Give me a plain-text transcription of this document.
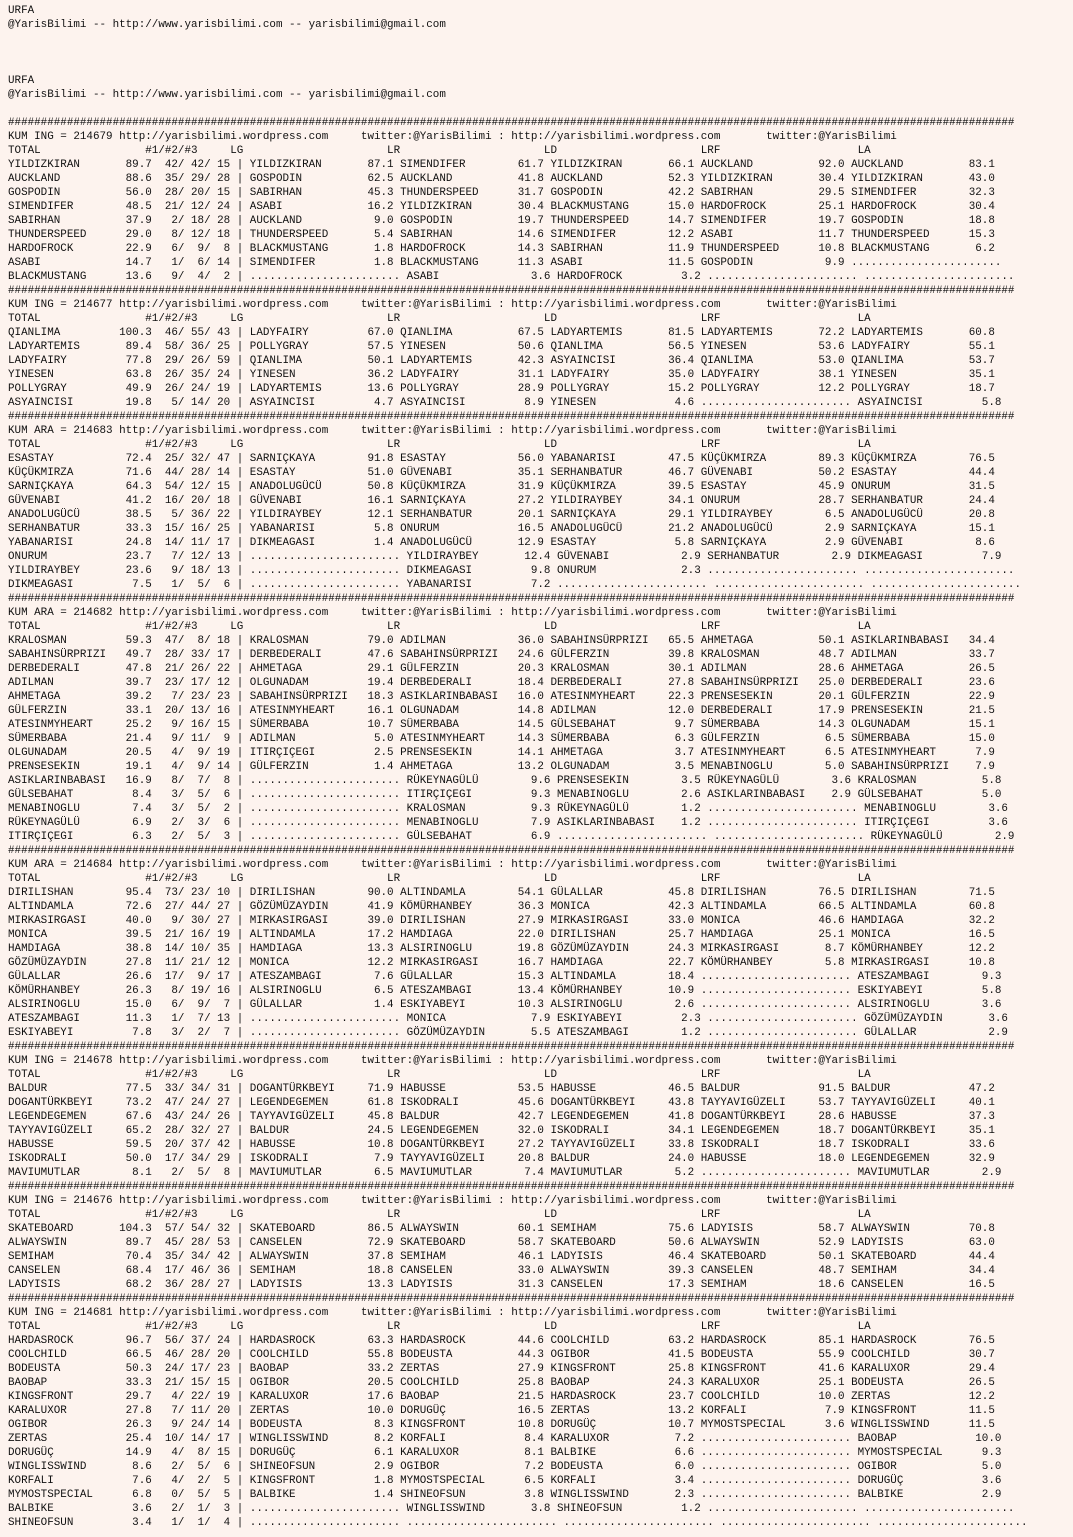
URFA
@YarisBilimi -- http://www.yarisbilimi.com -- yarisbilimi@gmail.com
URFA
@YarisBilimi -- http://www.yarisbilimi.com -- yarisbilimi@gmail.com
##########################################################################################################################################################
KUM ING = 214679 http://yarisbilimi.wordpress.com     twitter:@YarisBilimi : http://yarisbilimi.wordpress.com       twitter:@YarisBilimi
TOTAL                #1/#2/#3     LG                      LR                      LD                      LRF                     LA
YILDIZKIRAN       89.7  42/ 42/ 15 | YILDIZKIRAN       87.1 SIMENDIFER        61.7 YILDIZKIRAN       66.1 AUCKLAND          92.0 AUCKLAND          83.1
AUCKLAND          88.6  35/ 29/ 28 | GOSPODIN          62.5 AUCKLAND          41.8 AUCKLAND          52.3 YILDIZKIRAN       30.4 YILDIZKIRAN       43.0
GOSPODIN          56.0  28/ 20/ 15 | SABIRHAN          45.3 THUNDERSPEED      31.7 GOSPODIN          42.2 SABIRHAN          29.5 SIMENDIFER        32.3
SIMENDIFER        48.5  21/ 12/ 24 | ASABI             16.2 YILDIZKIRAN       30.4 BLACKMUSTANG      15.0 HARDOFROCK        25.1 HARDOFROCK        30.4
SABIRHAN          37.9   2/ 18/ 28 | AUCKLAND           9.0 GOSPODIN          19.7 THUNDERSPEED      14.7 SIMENDIFER        19.7 GOSPODIN          18.8
THUNDERSPEED      29.0   8/ 12/ 18 | THUNDERSPEED       5.4 SABIRHAN          14.6 SIMENDIFER        12.2 ASABI             11.7 THUNDERSPEED      15.3
HARDOFROCK        22.9   6/  9/  8 | BLACKMUSTANG       1.8 HARDOFROCK        14.3 SABIRHAN          11.9 THUNDERSPEED      10.8 BLACKMUSTANG       6.2
ASABI             14.7   1/  6/ 14 | SIMENDIFER         1.8 BLACKMUSTANG      11.3 ASABI             11.5 GOSPODIN           9.9 .......................
BLACKMUSTANG      13.6   9/  4/  2 | ....................... ASABI              3.6 HARDOFROCK         3.2 ....................... .......................
##########################################################################################################################################################
KUM ING = 214677 http://yarisbilimi.wordpress.com     twitter:@YarisBilimi : http://yarisbilimi.wordpress.com       twitter:@YarisBilimi
TOTAL                #1/#2/#3     LG                      LR                      LD                      LRF                     LA
QIANLIMA         100.3  46/ 55/ 43 | LADYFAIRY         67.0 QIANLIMA          67.5 LADYARTEMIS       81.5 LADYARTEMIS       72.2 LADYARTEMIS       60.8
LADYARTEMIS       89.4  58/ 36/ 25 | POLLYGRAY         57.5 YINESEN           50.6 QIANLIMA          56.5 YINESEN           53.6 LADYFAIRY         55.1
LADYFAIRY         77.8  29/ 26/ 59 | QIANLIMA          50.1 LADYARTEMIS       42.3 ASYAINCISI        36.4 QIANLIMA          53.0 QIANLIMA          53.7
YINESEN           63.8  26/ 35/ 24 | YINESEN           36.2 LADYFAIRY         31.1 LADYFAIRY         35.0 LADYFAIRY         38.1 YINESEN           35.1
POLLYGRAY         49.9  26/ 24/ 19 | LADYARTEMIS       13.6 POLLYGRAY         28.9 POLLYGRAY         15.2 POLLYGRAY         12.2 POLLYGRAY         18.7
ASYAINCISI        19.8   5/ 14/ 20 | ASYAINCISI         4.7 ASYAINCISI         8.9 YINESEN            4.6 ....................... ASYAINCISI         5.8
##########################################################################################################################################################
KUM ARA = 214683 http://yarisbilimi.wordpress.com     twitter:@YarisBilimi : http://yarisbilimi.wordpress.com       twitter:@YarisBilimi
TOTAL                #1/#2/#3     LG                      LR                      LD                      LRF                     LA
ESASTAY           72.4  25/ 32/ 47 | SARNIÇKAYA        91.8 ESASTAY           56.0 YABANARISI        47.5 KÜÇÜKMIRZA        89.3 KÜÇÜKMIRZA        76.5
KÜÇÜKMIRZA        71.6  44/ 28/ 14 | ESASTAY           51.0 GÜVENABI          35.1 SERHANBATUR       46.7 GÜVENABI          50.2 ESASTAY           44.4
SARNIÇKAYA        64.3  54/ 12/ 15 | ANADOLUGÜCÜ       50.8 KÜÇÜKMIRZA        31.9 KÜÇÜKMIRZA        39.5 ESASTAY           45.9 ONURUM            31.5
GÜVENABI          41.2  16/ 20/ 18 | GÜVENABI          16.1 SARNIÇKAYA        27.2 YILDIRAYBEY       34.1 ONURUM            28.7 SERHANBATUR       24.4
ANADOLUGÜCÜ       38.5   5/ 36/ 22 | YILDIRAYBEY       12.1 SERHANBATUR       20.1 SARNIÇKAYA        29.1 YILDIRAYBEY        6.5 ANADOLUGÜCÜ       20.8
SERHANBATUR       33.3  15/ 16/ 25 | YABANARISI         5.8 ONURUM            16.5 ANADOLUGÜCÜ       21.2 ANADOLUGÜCÜ        2.9 SARNIÇKAYA        15.1
YABANARISI        24.8  14/ 11/ 17 | DIKMEAGASI         1.4 ANADOLUGÜCÜ       12.9 ESASTAY            5.8 SARNIÇKAYA         2.9 GÜVENABI           8.6
ONURUM            23.7   7/ 12/ 13 | ....................... YILDIRAYBEY       12.4 GÜVENABI           2.9 SERHANBATUR        2.9 DIKMEAGASI         7.9
YILDIRAYBEY       23.6   9/ 18/ 13 | ....................... DIKMEAGASI         9.8 ONURUM             2.3 ....................... .......................
DIKMEAGASI         7.5   1/  5/  6 | ....................... YABANARISI         7.2 ....................... ....................... .......................
##########################################################################################################################################################
KUM ARA = 214682 http://yarisbilimi.wordpress.com     twitter:@YarisBilimi : http://yarisbilimi.wordpress.com       twitter:@YarisBilimi
TOTAL                #1/#2/#3     LG                      LR                      LD                      LRF                     LA
KRALOSMAN         59.3  47/  8/ 18 | KRALOSMAN         79.0 ADILMAN           36.0 SABAHINSÜRPRIZI   65.5 AHMETAGA          50.1 ASIKLARINBABASI   34.4
SABAHINSÜRPRIZI   49.7  28/ 33/ 17 | DERBEDERALI       47.6 SABAHINSÜRPRIZI   24.6 GÜLFERZIN         39.8 KRALOSMAN         48.7 ADILMAN           33.7
DERBEDERALI       47.8  21/ 26/ 22 | AHMETAGA          29.1 GÜLFERZIN         20.3 KRALOSMAN         30.1 ADILMAN           28.6 AHMETAGA          26.5
ADILMAN           39.7  23/ 17/ 12 | OLGUNADAM         19.4 DERBEDERALI       18.4 DERBEDERALI       27.8 SABAHINSÜRPRIZI   25.0 DERBEDERALI       23.6
AHMETAGA          39.2   7/ 23/ 23 | SABAHINSÜRPRIZI   18.3 ASIKLARINBABASI   16.0 ATESINMYHEART     22.3 PRENSESEKIN       20.1 GÜLFERZIN         22.9
GÜLFERZIN         33.1  20/ 13/ 16 | ATESINMYHEART     16.1 OLGUNADAM         14.8 ADILMAN           12.0 DERBEDERALI       17.9 PRENSESEKIN       21.5
ATESINMYHEART     25.2   9/ 16/ 15 | SÜMERBABA         10.7 SÜMERBABA         14.5 GÜLSEBAHAT         9.7 SÜMERBABA         14.3 OLGUNADAM         15.1
SÜMERBABA         21.4   9/ 11/  9 | ADILMAN            5.0 ATESINMYHEART     14.3 SÜMERBABA          6.3 GÜLFERZIN          6.5 SÜMERBABA         15.0
OLGUNADAM         20.5   4/  9/ 19 | ITIRÇIÇEGI         2.5 PRENSESEKIN       14.1 AHMETAGA           3.7 ATESINMYHEART      6.5 ATESINMYHEART      7.9
PRENSESEKIN       19.1   4/  9/ 14 | GÜLFERZIN          1.4 AHMETAGA          13.2 OLGUNADAM          3.5 MENABINOGLU        5.0 SABAHINSÜRPRIZI    7.9
ASIKLARINBABASI   16.9   8/  7/  8 | ....................... RÜKEYNAGÜLÜ        9.6 PRENSESEKIN        3.5 RÜKEYNAGÜLÜ        3.6 KRALOSMAN          5.8
GÜLSEBAHAT         8.4   3/  5/  6 | ....................... ITIRÇIÇEGI         9.3 MENABINOGLU        2.6 ASIKLARINBABASI    2.9 GÜLSEBAHAT         5.0
MENABINOGLU        7.4   3/  5/  2 | ....................... KRALOSMAN          9.3 RÜKEYNAGÜLÜ        1.2 ....................... MENABINOGLU        3.6
RÜKEYNAGÜLÜ        6.9   2/  3/  6 | ....................... MENABINOGLU        7.9 ASIKLARINBABASI    1.2 ....................... ITIRÇIÇEGI         3.6
ITIRÇIÇEGI         6.3   2/  5/  3 | ....................... GÜLSEBAHAT         6.9 ....................... ....................... RÜKEYNAGÜLÜ        2.9
##########################################################################################################################################################
KUM ARA = 214684 http://yarisbilimi.wordpress.com     twitter:@YarisBilimi : http://yarisbilimi.wordpress.com       twitter:@YarisBilimi
TOTAL                #1/#2/#3     LG                      LR                      LD                      LRF                     LA
DIRILISHAN        95.4  73/ 23/ 10 | DIRILISHAN        90.0 ALTINDAMLA        54.1 GÜLALLAR          45.8 DIRILISHAN        76.5 DIRILISHAN        71.5
ALTINDAMLA        72.6  27/ 44/ 27 | GÖZÜMÜZAYDIN      41.9 KÖMÜRHANBEY       36.3 MONICA            42.3 ALTINDAMLA        66.5 ALTINDAMLA        60.8
MIRKASIRGASI      40.0   9/ 30/ 27 | MIRKASIRGASI      39.0 DIRILISHAN        27.9 MIRKASIRGASI      33.0 MONICA            46.6 HAMDIAGA          32.2
MONICA            39.5  21/ 16/ 19 | ALTINDAMLA        17.2 HAMDIAGA          22.0 DIRILISHAN        25.7 HAMDIAGA          25.1 MONICA            16.5
HAMDIAGA          38.8  14/ 10/ 35 | HAMDIAGA          13.3 ALSIRINOGLU       19.8 GÖZÜMÜZAYDIN      24.3 MIRKASIRGASI       8.7 KÖMÜRHANBEY       12.2
GÖZÜMÜZAYDIN      27.8  11/ 21/ 12 | MONICA            12.2 MIRKASIRGASI      16.7 HAMDIAGA          22.7 KÖMÜRHANBEY        5.8 MIRKASIRGASI      10.8
GÜLALLAR          26.6  17/  9/ 17 | ATESZAMBAGI        7.6 GÜLALLAR          15.3 ALTINDAMLA        18.4 ....................... ATESZAMBAGI        9.3
KÖMÜRHANBEY       26.3   8/ 19/ 16 | ALSIRINOGLU        6.5 ATESZAMBAGI       13.4 KÖMÜRHANBEY       10.9 ....................... ESKIYABEYI         5.8
ALSIRINOGLU       15.0   6/  9/  7 | GÜLALLAR           1.4 ESKIYABEYI        10.3 ALSIRINOGLU        2.6 ....................... ALSIRINOGLU        3.6
ATESZAMBAGI       11.3   1/  7/ 13 | ....................... MONICA             7.9 ESKIYABEYI         2.3 ....................... GÖZÜMÜZAYDIN       3.6
ESKIYABEYI         7.8   3/  2/  7 | ....................... GÖZÜMÜZAYDIN       5.5 ATESZAMBAGI        1.2 ....................... GÜLALLAR           2.9
##########################################################################################################################################################
KUM ING = 214678 http://yarisbilimi.wordpress.com     twitter:@YarisBilimi : http://yarisbilimi.wordpress.com       twitter:@YarisBilimi
TOTAL                #1/#2/#3     LG                      LR                      LD                      LRF                     LA
BALDUR            77.5  33/ 34/ 31 | DOGANTÜRKBEYI     71.9 HABUSSE           53.5 HABUSSE           46.5 BALDUR            91.5 BALDUR            47.2
DOGANTÜRKBEYI     73.2  47/ 24/ 27 | LEGENDEGEMEN      61.8 ISKODRALI         45.6 DOGANTÜRKBEYI     43.8 TAYYAVIGÜZELI     53.7 TAYYAVIGÜZELI     40.1
LEGENDEGEMEN      67.6  43/ 24/ 26 | TAYYAVIGÜZELI     45.8 BALDUR            42.7 LEGENDEGEMEN      41.8 DOGANTÜRKBEYI     28.6 HABUSSE           37.3
TAYYAVIGÜZELI     65.2  28/ 32/ 27 | BALDUR            24.5 LEGENDEGEMEN      32.0 ISKODRALI         34.1 LEGENDEGEMEN      18.7 DOGANTÜRKBEYI     35.1
HABUSSE           59.5  20/ 37/ 42 | HABUSSE           10.8 DOGANTÜRKBEYI     27.2 TAYYAVIGÜZELI     33.8 ISKODRALI         18.7 ISKODRALI         33.6
ISKODRALI         50.0  17/ 34/ 29 | ISKODRALI          7.9 TAYYAVIGÜZELI     20.8 BALDUR            24.0 HABUSSE           18.0 LEGENDEGEMEN      32.9
MAVIUMUTLAR        8.1   2/  5/  8 | MAVIUMUTLAR        6.5 MAVIUMUTLAR        7.4 MAVIUMUTLAR        5.2 ....................... MAVIUMUTLAR        2.9
##########################################################################################################################################################
KUM ING = 214676 http://yarisbilimi.wordpress.com     twitter:@YarisBilimi : http://yarisbilimi.wordpress.com       twitter:@YarisBilimi
TOTAL                #1/#2/#3     LG                      LR                      LD                      LRF                     LA
SKATEBOARD       104.3  57/ 54/ 32 | SKATEBOARD        86.5 ALWAYSWIN         60.1 SEMIHAM           75.6 LADYISIS          58.7 ALWAYSWIN         70.8
ALWAYSWIN         89.7  45/ 28/ 53 | CANSELEN          72.9 SKATEBOARD        58.7 SKATEBOARD        50.6 ALWAYSWIN         52.9 LADYISIS          63.0
SEMIHAM           70.4  35/ 34/ 42 | ALWAYSWIN         37.8 SEMIHAM           46.1 LADYISIS          46.4 SKATEBOARD        50.1 SKATEBOARD        44.4
CANSELEN          68.4  17/ 46/ 36 | SEMIHAM           18.8 CANSELEN          33.0 ALWAYSWIN         39.3 CANSELEN          48.7 SEMIHAM           34.4
LADYISIS          68.2  36/ 28/ 27 | LADYISIS          13.3 LADYISIS          31.3 CANSELEN          17.3 SEMIHAM           18.6 CANSELEN          16.5
##########################################################################################################################################################
KUM ING = 214681 http://yarisbilimi.wordpress.com     twitter:@YarisBilimi : http://yarisbilimi.wordpress.com       twitter:@YarisBilimi
TOTAL                #1/#2/#3     LG                      LR                      LD                      LRF                     LA
HARDASROCK        96.7  56/ 37/ 24 | HARDASROCK        63.3 HARDASROCK        44.6 COOLCHILD         63.2 HARDASROCK        85.1 HARDASROCK        76.5
COOLCHILD         66.5  46/ 28/ 20 | COOLCHILD         55.8 BODEUSTA          44.3 OGIBOR            41.5 BODEUSTA          55.9 COOLCHILD         30.7
BODEUSTA          50.3  24/ 17/ 23 | BAOBAP            33.2 ZERTAS            27.9 KINGSFRONT        25.8 KINGSFRONT        41.6 KARALUXOR         29.4
BAOBAP            33.3  21/ 15/ 15 | OGIBOR            20.5 COOLCHILD         25.8 BAOBAP            24.3 KARALUXOR         25.1 BODEUSTA          26.5
KINGSFRONT        29.7   4/ 22/ 19 | KARALUXOR         17.6 BAOBAP            21.5 HARDASROCK        23.7 COOLCHILD         10.0 ZERTAS            12.2
KARALUXOR         27.8   7/ 11/ 20 | ZERTAS            10.0 DORUGÜÇ           16.5 ZERTAS            13.2 KORFALI            7.9 KINGSFRONT        11.5
OGIBOR            26.3   9/ 24/ 14 | BODEUSTA           8.3 KINGSFRONT        10.8 DORUGÜÇ           10.7 MYMOSTSPECIAL      3.6 WINGLISSWIND      11.5
ZERTAS            25.4  10/ 14/ 17 | WINGLISSWIND       8.2 KORFALI            8.4 KARALUXOR          7.2 ....................... BAOBAP            10.0
DORUGÜÇ           14.9   4/  8/ 15 | DORUGÜÇ            6.1 KARALUXOR          8.1 BALBIKE            6.6 ....................... MYMOSTSPECIAL      9.3
WINGLISSWIND       8.6   2/  5/  6 | SHINEOFSUN         2.9 OGIBOR             7.2 BODEUSTA           6.0 ....................... OGIBOR             5.0
KORFALI            7.6   4/  2/  5 | KINGSFRONT         1.8 MYMOSTSPECIAL      6.5 KORFALI            3.4 ....................... DORUGÜÇ            3.6
MYMOSTSPECIAL      6.8   0/  5/  5 | BALBIKE            1.4 SHINEOFSUN         3.8 WINGLISSWIND       2.3 ....................... BALBIKE            2.9
BALBIKE            3.6   2/  1/  3 | ....................... WINGLISSWIND       3.8 SHINEOFSUN         1.2 ....................... .......................
SHINEOFSUN         3.4   1/  1/  4 | ....................... ....................... ....................... ....................... .......................
